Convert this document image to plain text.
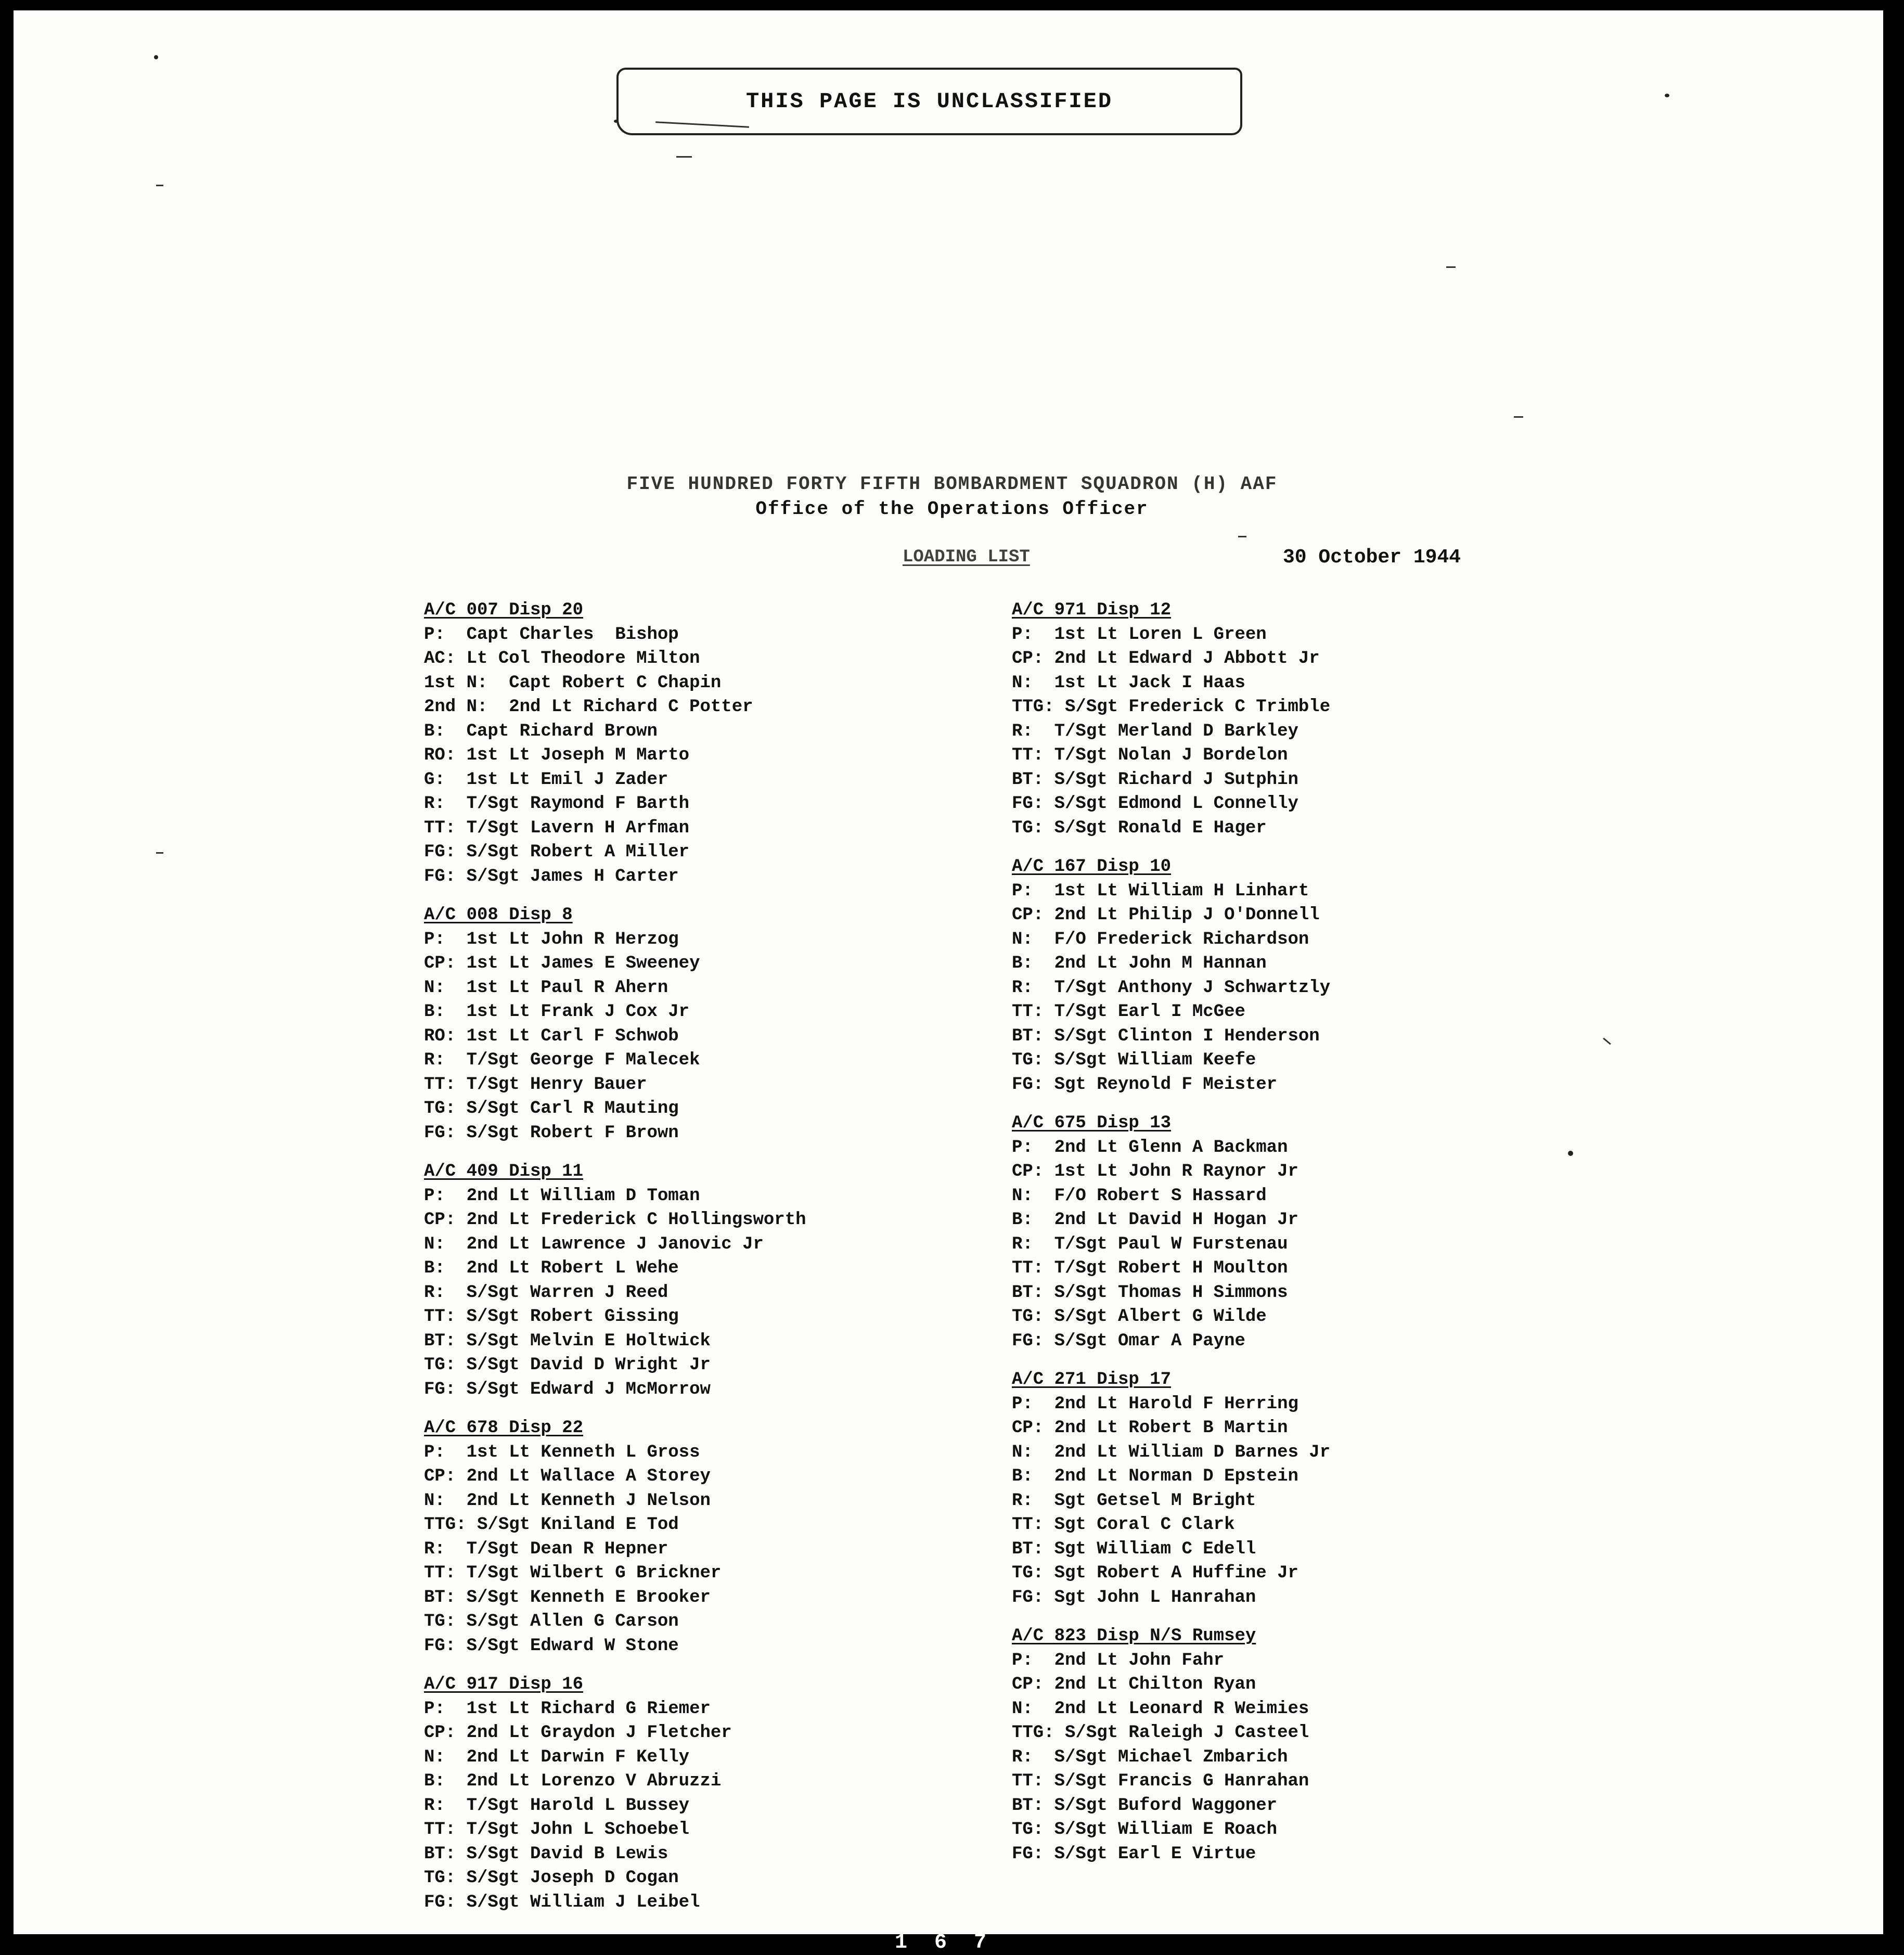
THIS PAGE IS UNCLASSIFIED
FIVE HUNDRED FORTY FIFTH BOMBARDMENT SQUADRON (H) AAF
Office of the Operations Officer
LOADING LIST	30 October 1944
A/C 007 Disp 20
P:  Capt Charles  Bishop
AC: Lt Col Theodore Milton
1st N:  Capt Robert C Chapin
2nd N:  2nd Lt Richard C Potter
B:  Capt Richard Brown
RO: 1st Lt Joseph M Marto
G:  1st Lt Emil J Zader
R:  T/Sgt Raymond F Barth
TT: T/Sgt Lavern H Arfman
FG: S/Sgt Robert A Miller
FG: S/Sgt James H Carter
A/C 008 Disp 8
P:  1st Lt John R Herzog
CP: 1st Lt James E Sweeney
N:  1st Lt Paul R Ahern
B:  1st Lt Frank J Cox Jr
RO: 1st Lt Carl F Schwob
R:  T/Sgt George F Malecek
TT: T/Sgt Henry Bauer
TG: S/Sgt Carl R Mauting
FG: S/Sgt Robert F Brown
A/C 409 Disp 11
P:  2nd Lt William D Toman
CP: 2nd Lt Frederick C Hollingsworth
N:  2nd Lt Lawrence J Janovic Jr
B:  2nd Lt Robert L Wehe
R:  S/Sgt Warren J Reed
TT: S/Sgt Robert Gissing
BT: S/Sgt Melvin E Holtwick
TG: S/Sgt David D Wright Jr
FG: S/Sgt Edward J McMorrow
A/C 678 Disp 22
P:  1st Lt Kenneth L Gross
CP: 2nd Lt Wallace A Storey
N:  2nd Lt Kenneth J Nelson
TTG: S/Sgt Kniland E Tod
R:  T/Sgt Dean R Hepner
TT: T/Sgt Wilbert G Brickner
BT: S/Sgt Kenneth E Brooker
TG: S/Sgt Allen G Carson
FG: S/Sgt Edward W Stone
A/C 917 Disp 16
P:  1st Lt Richard G Riemer
CP: 2nd Lt Graydon J Fletcher
N:  2nd Lt Darwin F Kelly
B:  2nd Lt Lorenzo V Abruzzi
R:  T/Sgt Harold L Bussey
TT: T/Sgt John L Schoebel
BT: S/Sgt David B Lewis
TG: S/Sgt Joseph D Cogan
FG: S/Sgt William J Leibel
A/C 971 Disp 12
P:  1st Lt Loren L Green
CP: 2nd Lt Edward J Abbott Jr
N:  1st Lt Jack I Haas
TTG: S/Sgt Frederick C Trimble
R:  T/Sgt Merland D Barkley
TT: T/Sgt Nolan J Bordelon
BT: S/Sgt Richard J Sutphin
FG: S/Sgt Edmond L Connelly
TG: S/Sgt Ronald E Hager
A/C 167 Disp 10
P:  1st Lt William H Linhart
CP: 2nd Lt Philip J O'Donnell
N:  F/O Frederick Richardson
B:  2nd Lt John M Hannan
R:  T/Sgt Anthony J Schwartzly
TT: T/Sgt Earl I McGee
BT: S/Sgt Clinton I Henderson
TG: S/Sgt William Keefe
FG: Sgt Reynold F Meister
A/C 675 Disp 13
P:  2nd Lt Glenn A Backman
CP: 1st Lt John R Raynor Jr
N:  F/O Robert S Hassard
B:  2nd Lt David H Hogan Jr
R:  T/Sgt Paul W Furstenau
TT: T/Sgt Robert H Moulton
BT: S/Sgt Thomas H Simmons
TG: S/Sgt Albert G Wilde
FG: S/Sgt Omar A Payne
A/C 271 Disp 17
P:  2nd Lt Harold F Herring
CP: 2nd Lt Robert B Martin
N:  2nd Lt William D Barnes Jr
B:  2nd Lt Norman D Epstein
R:  Sgt Getsel M Bright
TT: Sgt Coral C Clark
BT: Sgt William C Edell
TG: Sgt Robert A Huffine Jr
FG: Sgt John L Hanrahan
A/C 823 Disp N/S Rumsey
P:  2nd Lt John Fahr
CP: 2nd Lt Chilton Ryan
N:  2nd Lt Leonard R Weimies
TTG: S/Sgt Raleigh J Casteel
R:  S/Sgt Michael Zmbarich
TT: S/Sgt Francis G Hanrahan
BT: S/Sgt Buford Waggoner
TG: S/Sgt William E Roach
FG: S/Sgt Earl E Virtue
1 6 7
